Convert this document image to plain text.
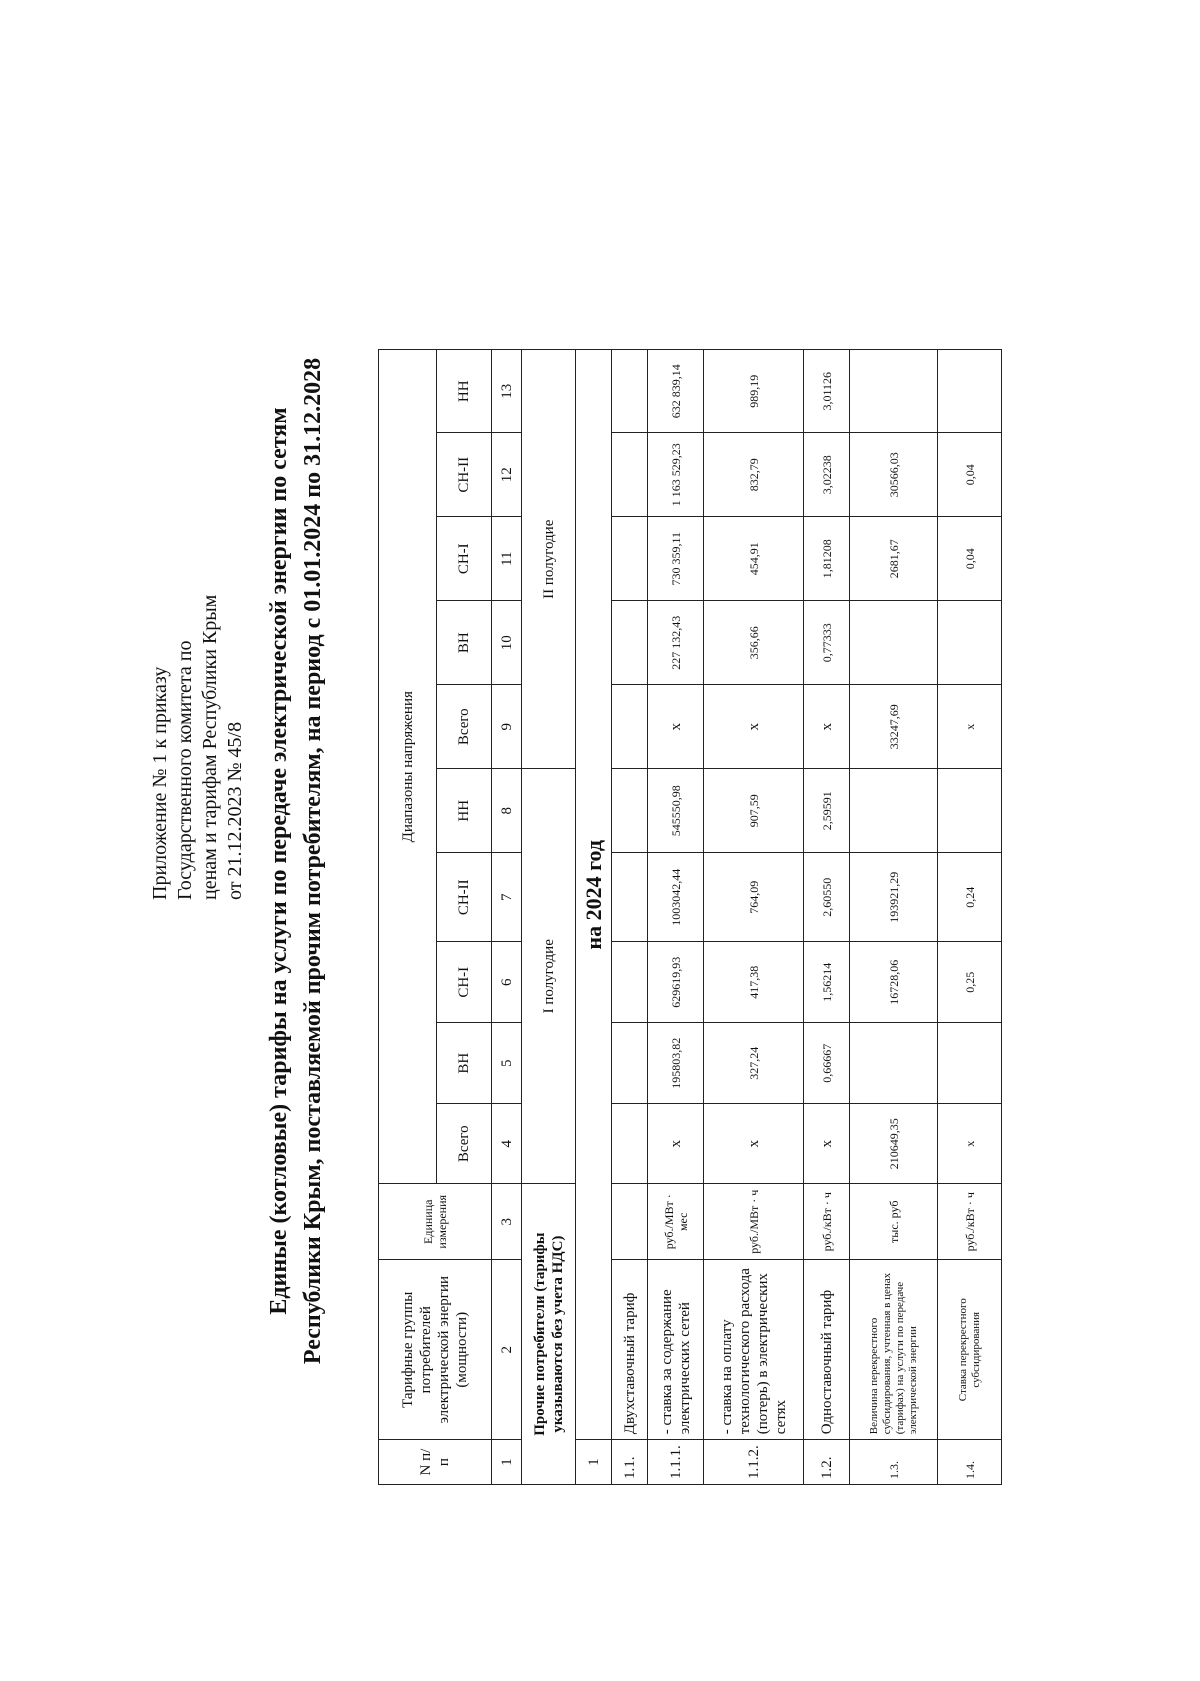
Приложение № 1 к приказу Государственного комитета по ценам и тарифам Республики Крым от 21.12.2023 № 45/8 Единые (котловые) тарифы на услуги по передаче электрической энергии по сетям Республики Крым, поставляемой прочим потребителям, на период с 01.01.2024 по 31.12.2028
N п/п	Тарифные группы потребителей электрической энергии (мощности)	Единица измерения	Диапазоны напряжения									
			Всего	ВН	СН-I	СН-II	НН	Всего	ВН	СН-I	СН-II	НН
1	2	3	4	5	6	7	8	9	10	11	12	13
Прочие потребители (тарифы указываются без учета НДС)			I полугодие					II полугодие				
1	на 2024 год											
1.1.	Двухставочный тариф											
1.1.1.	- ставка за содержание электрических сетей	руб./МВт · мес	x	195803,82	629619,93	1003042,44	545550,98	x	227 132,43	730 359,11	1 163 529,23	632 839,14
1.1.2.	- ставка на оплату технологического расхода (потерь) в электрических сетях	руб./МВт · ч	x	327,24	417,38	764,09	907,59	x	356,66	454,91	832,79	989,19
1.2.	Одноставочный тариф	руб./кВт · ч	x	0,66667	1,56214	2,60550	2,59591	x	0,77333	1,81208	3,02238	3,01126
1.3.	Величина перекрестного субсидирования, учтенная в ценах (тарифах) на услуги по передаче электрической энергии	тыс. руб	210649,35		16728,06	193921,29		33247,69		2681,67	30566,03	
1.4.	Ставка перекрестного субсидирования	руб./кВт · ч	x		0,25	0,24		x		0,04	0,04	
